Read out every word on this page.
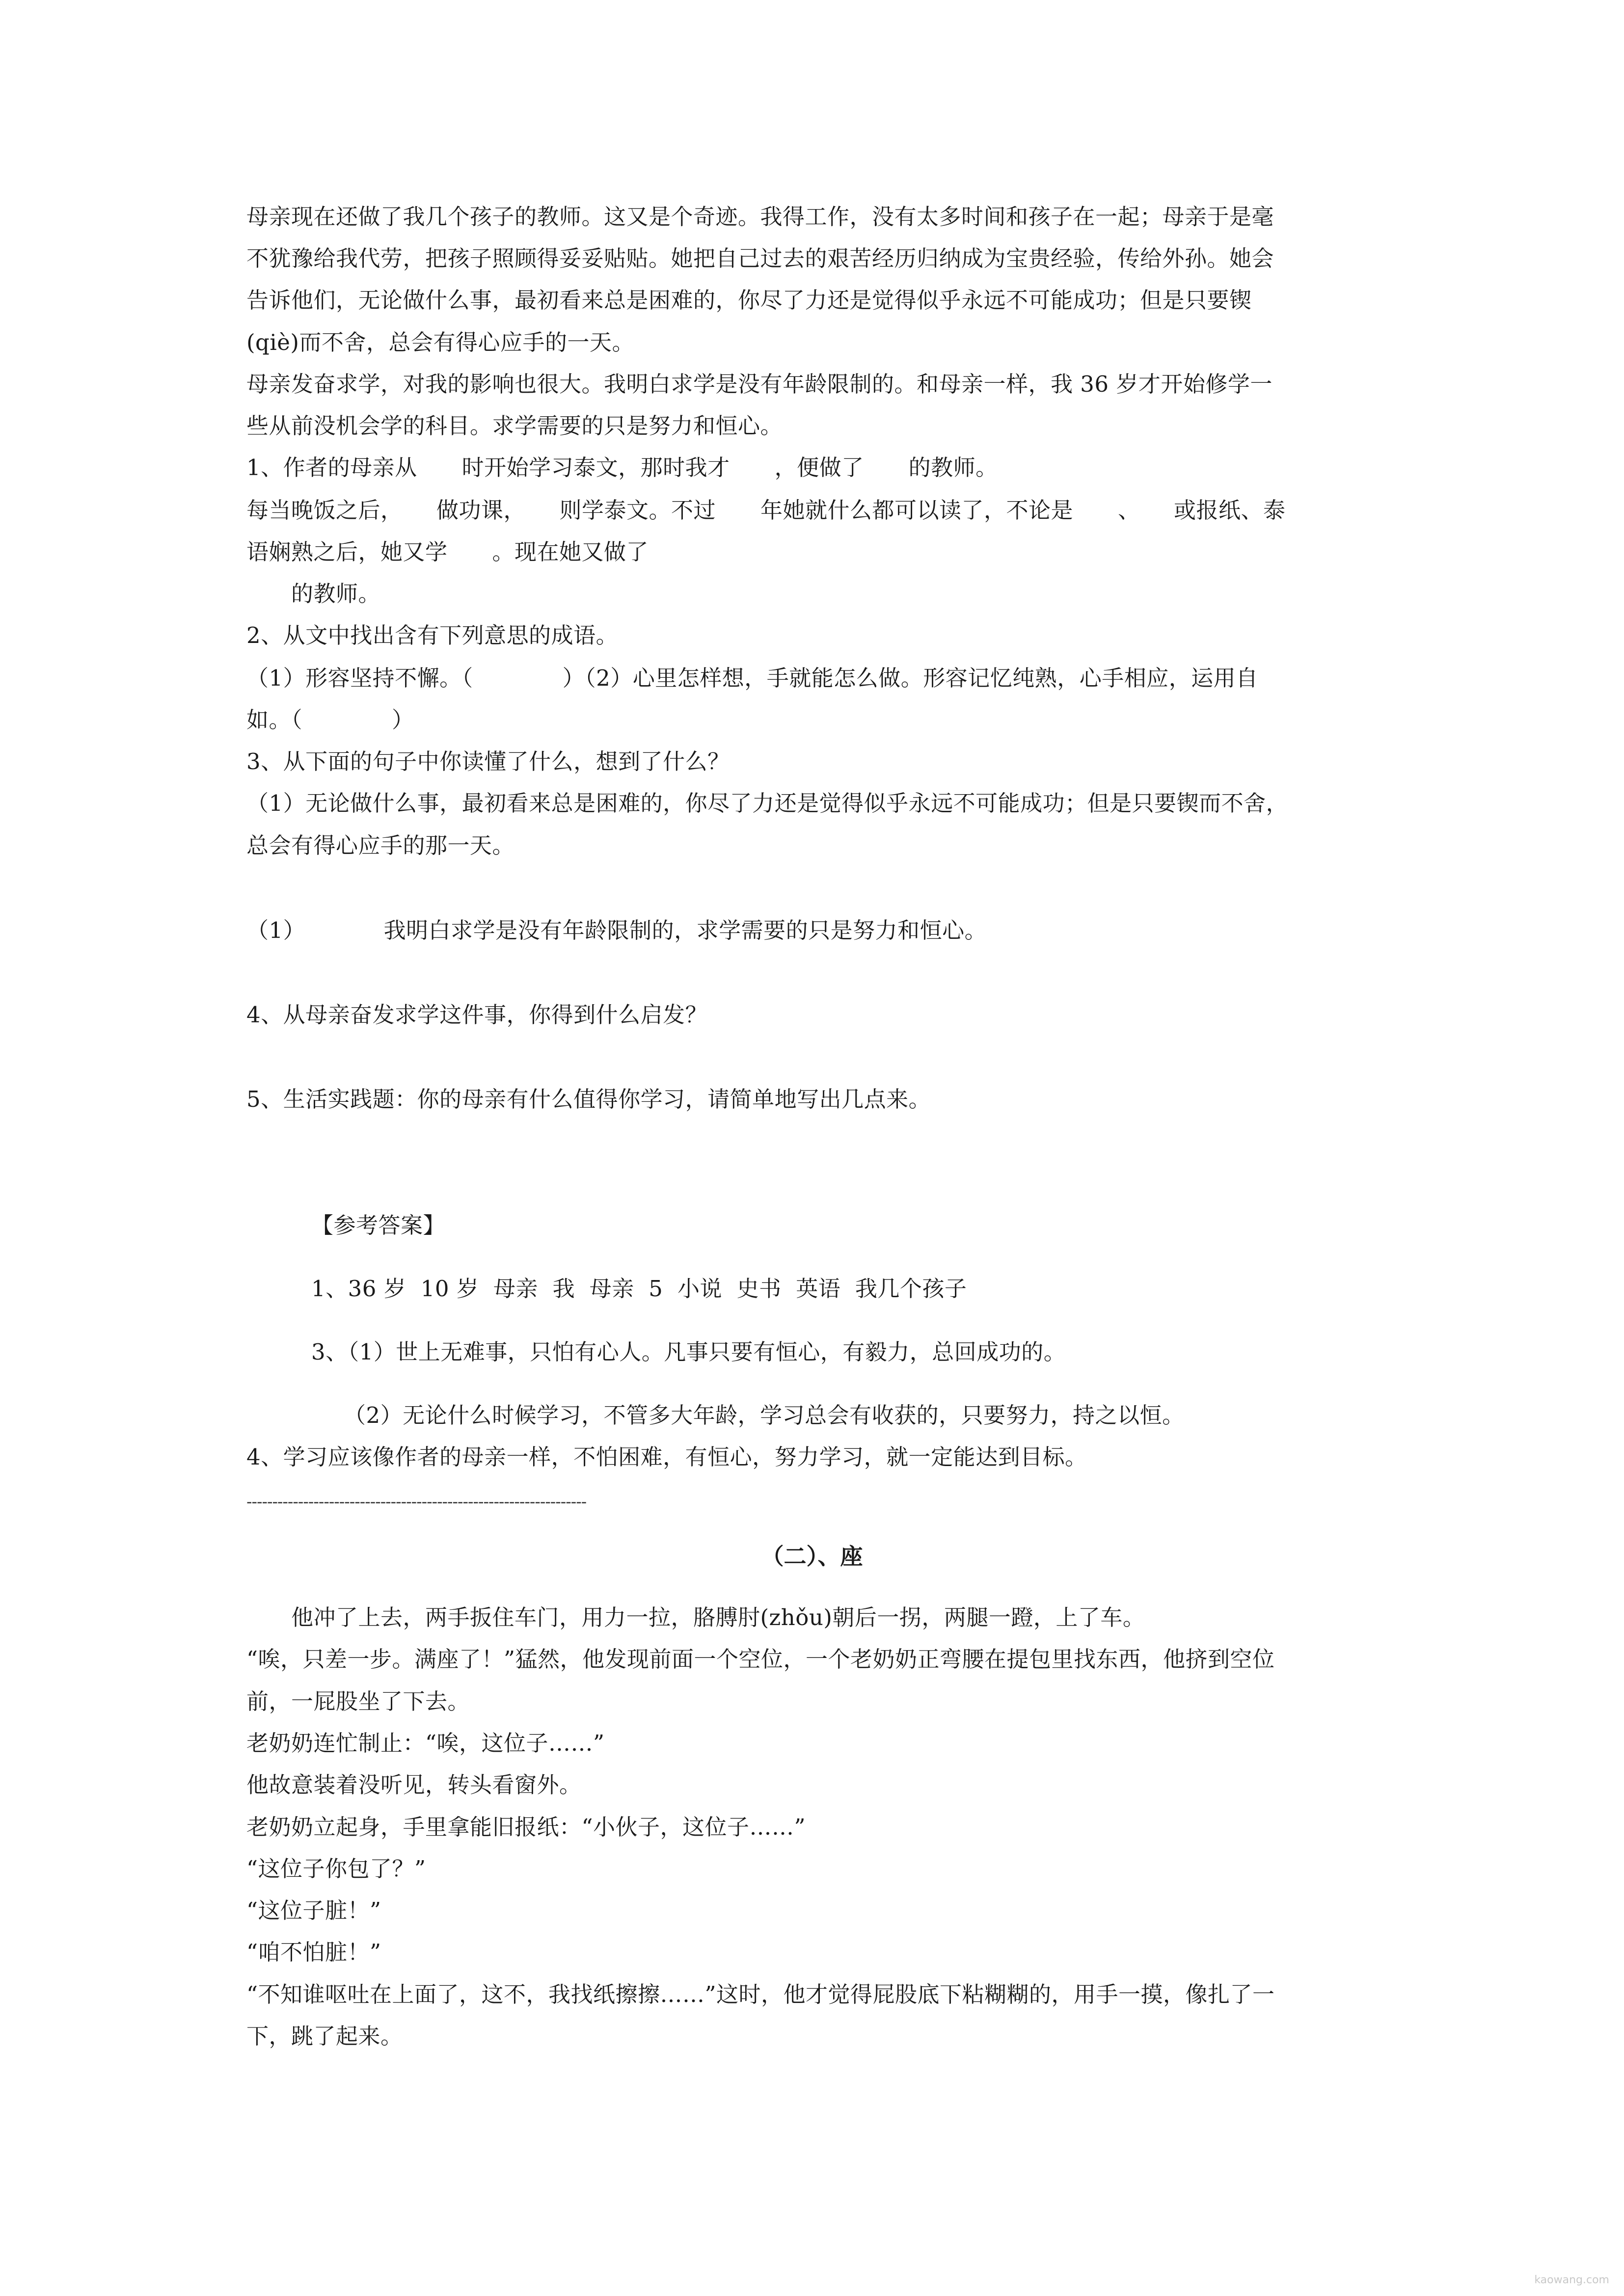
母亲现在还做了我几个孩子的教师。这又是个奇迹。我得工作，没有太多时间和孩子在一起；母亲于是毫
不犹豫给我代劳，把孩子照顾得妥妥贴贴。她把自己过去的艰苦经历归纳成为宝贵经验，传给外孙。她会
告诉他们，无论做什么事，最初看来总是困难的，你尽了力还是觉得似乎永远不可能成功；但是只要锲
(qiè)而不舍，总会有得心应手的一天。
母亲发奋求学，对我的影响也很大。我明白求学是没有年龄限制的。和母亲一样，我 36 岁才开始修学一
些从前没机会学的科目。求学需要的只是努力和恒心。
1、作者的母亲从　　时开始学习泰文，那时我才　　，便做了　　的教师。
每当晚饭之后，　　做功课，　　则学泰文。不过　　年她就什么都可以读了，不论是　　、　　或报纸、泰
语娴熟之后，她又学　　。现在她又做了
　　的教师。
2、从文中找出含有下列意思的成语。
（1）形容坚持不懈。（　　　　）（2）心里怎样想，手就能怎么做。形容记忆纯熟，心手相应，运用自
如。（　　　　）
3、从下面的句子中你读懂了什么，想到了什么？
（1）无论做什么事，最初看来总是困难的，你尽了力还是觉得似乎永远不可能成功；但是只要锲而不舍，
总会有得心应手的那一天。
（1）　　　　我明白求学是没有年龄限制的，求学需要的只是努力和恒心。
4、从母亲奋发求学这件事，你得到什么启发？
5、生活实践题：你的母亲有什么值得你学习，请简单地写出几点来。
【参考答案】
1、36 岁  10 岁  母亲  我  母亲  5  小说  史书  英语  我几个孩子
3、（1）世上无难事，只怕有心人。凡事只要有恒心，有毅力，总回成功的。
（2）无论什么时候学习，不管多大年龄，学习总会有收获的，只要努力，持之以恒。
4、学习应该像作者的母亲一样，不怕困难，有恒心，努力学习，就一定能达到目标。
------------------------------------------------------------------
（二）、座
　　他冲了上去，两手扳住车门，用力一拉，胳膊肘(zhǒu)朝后一拐，两腿一蹬，上了车。
“唉，只差一步。满座了！”猛然，他发现前面一个空位，一个老奶奶正弯腰在提包里找东西，他挤到空位
前，一屁股坐了下去。
老奶奶连忙制止：“唉，这位子……”
他故意装着没听见，转头看窗外。
老奶奶立起身，手里拿能旧报纸：“小伙子，这位子……”
“这位子你包了？”
“这位子脏！”
“咱不怕脏！”
“不知谁呕吐在上面了，这不，我找纸擦擦……”这时，他才觉得屁股底下粘糊糊的，用手一摸，像扎了一
下，跳了起来。
kaowang.com
